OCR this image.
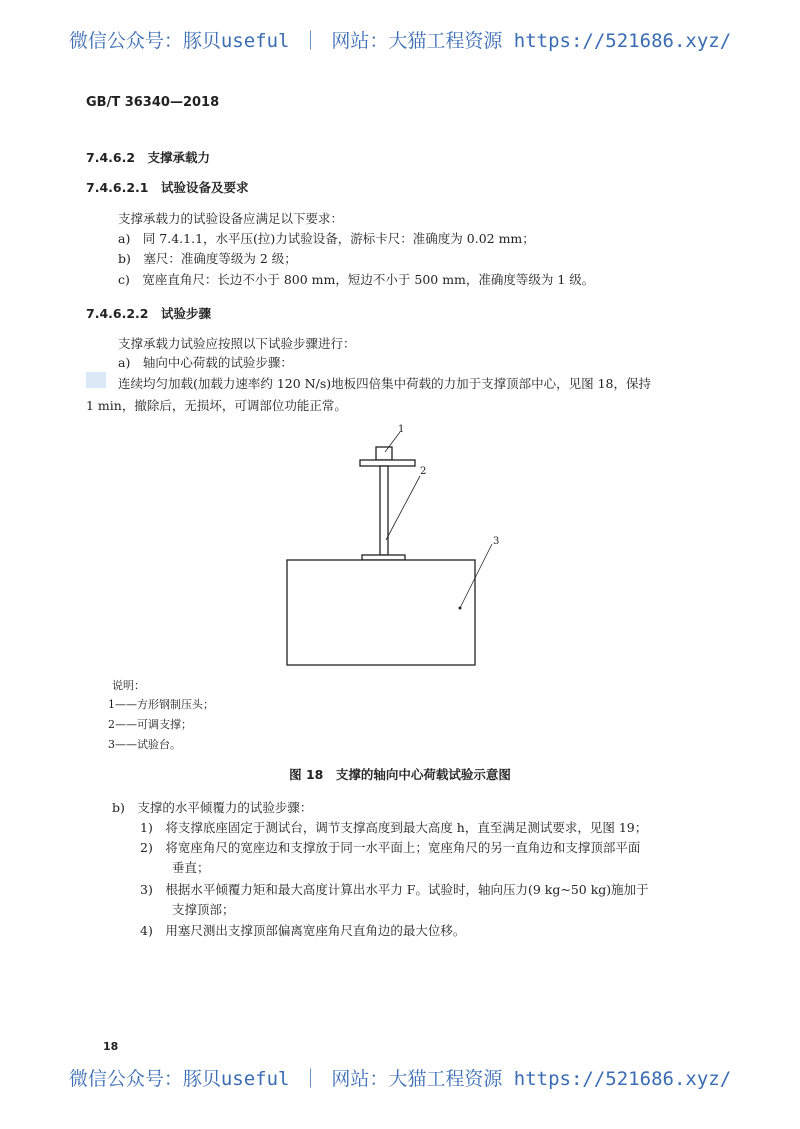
微信公众号：豚贝useful ｜ 网站：大猫工程资源 https://521686.xyz/
GB/T 36340—2018
7.4.6.2　支撑承载力
7.4.6.2.1　试验设备及要求
支撑承载力的试验设备应满足以下要求：
a)　同 7.4.1.1，水平压(拉)力试验设备，游标卡尺：准确度为 0.02 mm；
b)　塞尺：准确度等级为 2 级；
c)　宽座直角尺：长边不小于 800 mm，短边不小于 500 mm，准确度等级为 1 级。
7.4.6.2.2　试验步骤
支撑承载力试验应按照以下试验步骤进行：
a)　轴向中心荷载的试验步骤：
连续均匀加载(加载力速率约 120 N/s)地板四倍集中荷载的力加于支撑顶部中心，见图 18，保持
1 min，撤除后，无损坏，可调部位功能正常。
1
2
3
说明：
1——方形钢制压头；
2——可调支撑；
3——试验台。
图 18　支撑的轴向中心荷载试验示意图
b)　支撑的水平倾覆力的试验步骤：
1)　将支撑底座固定于测试台，调节支撑高度到最大高度 h，直至满足测试要求，见图 19；
2)　将宽座角尺的宽座边和支撑放于同一水平面上；宽座角尺的另一直角边和支撑顶部平面
垂直；
3)　根据水平倾覆力矩和最大高度计算出水平力 F。试验时，轴向压力(9 kg~50 kg)施加于
支撑顶部；
4)　用塞尺测出支撑顶部偏离宽座角尺直角边的最大位移。
18
微信公众号：豚贝useful ｜ 网站：大猫工程资源 https://521686.xyz/
